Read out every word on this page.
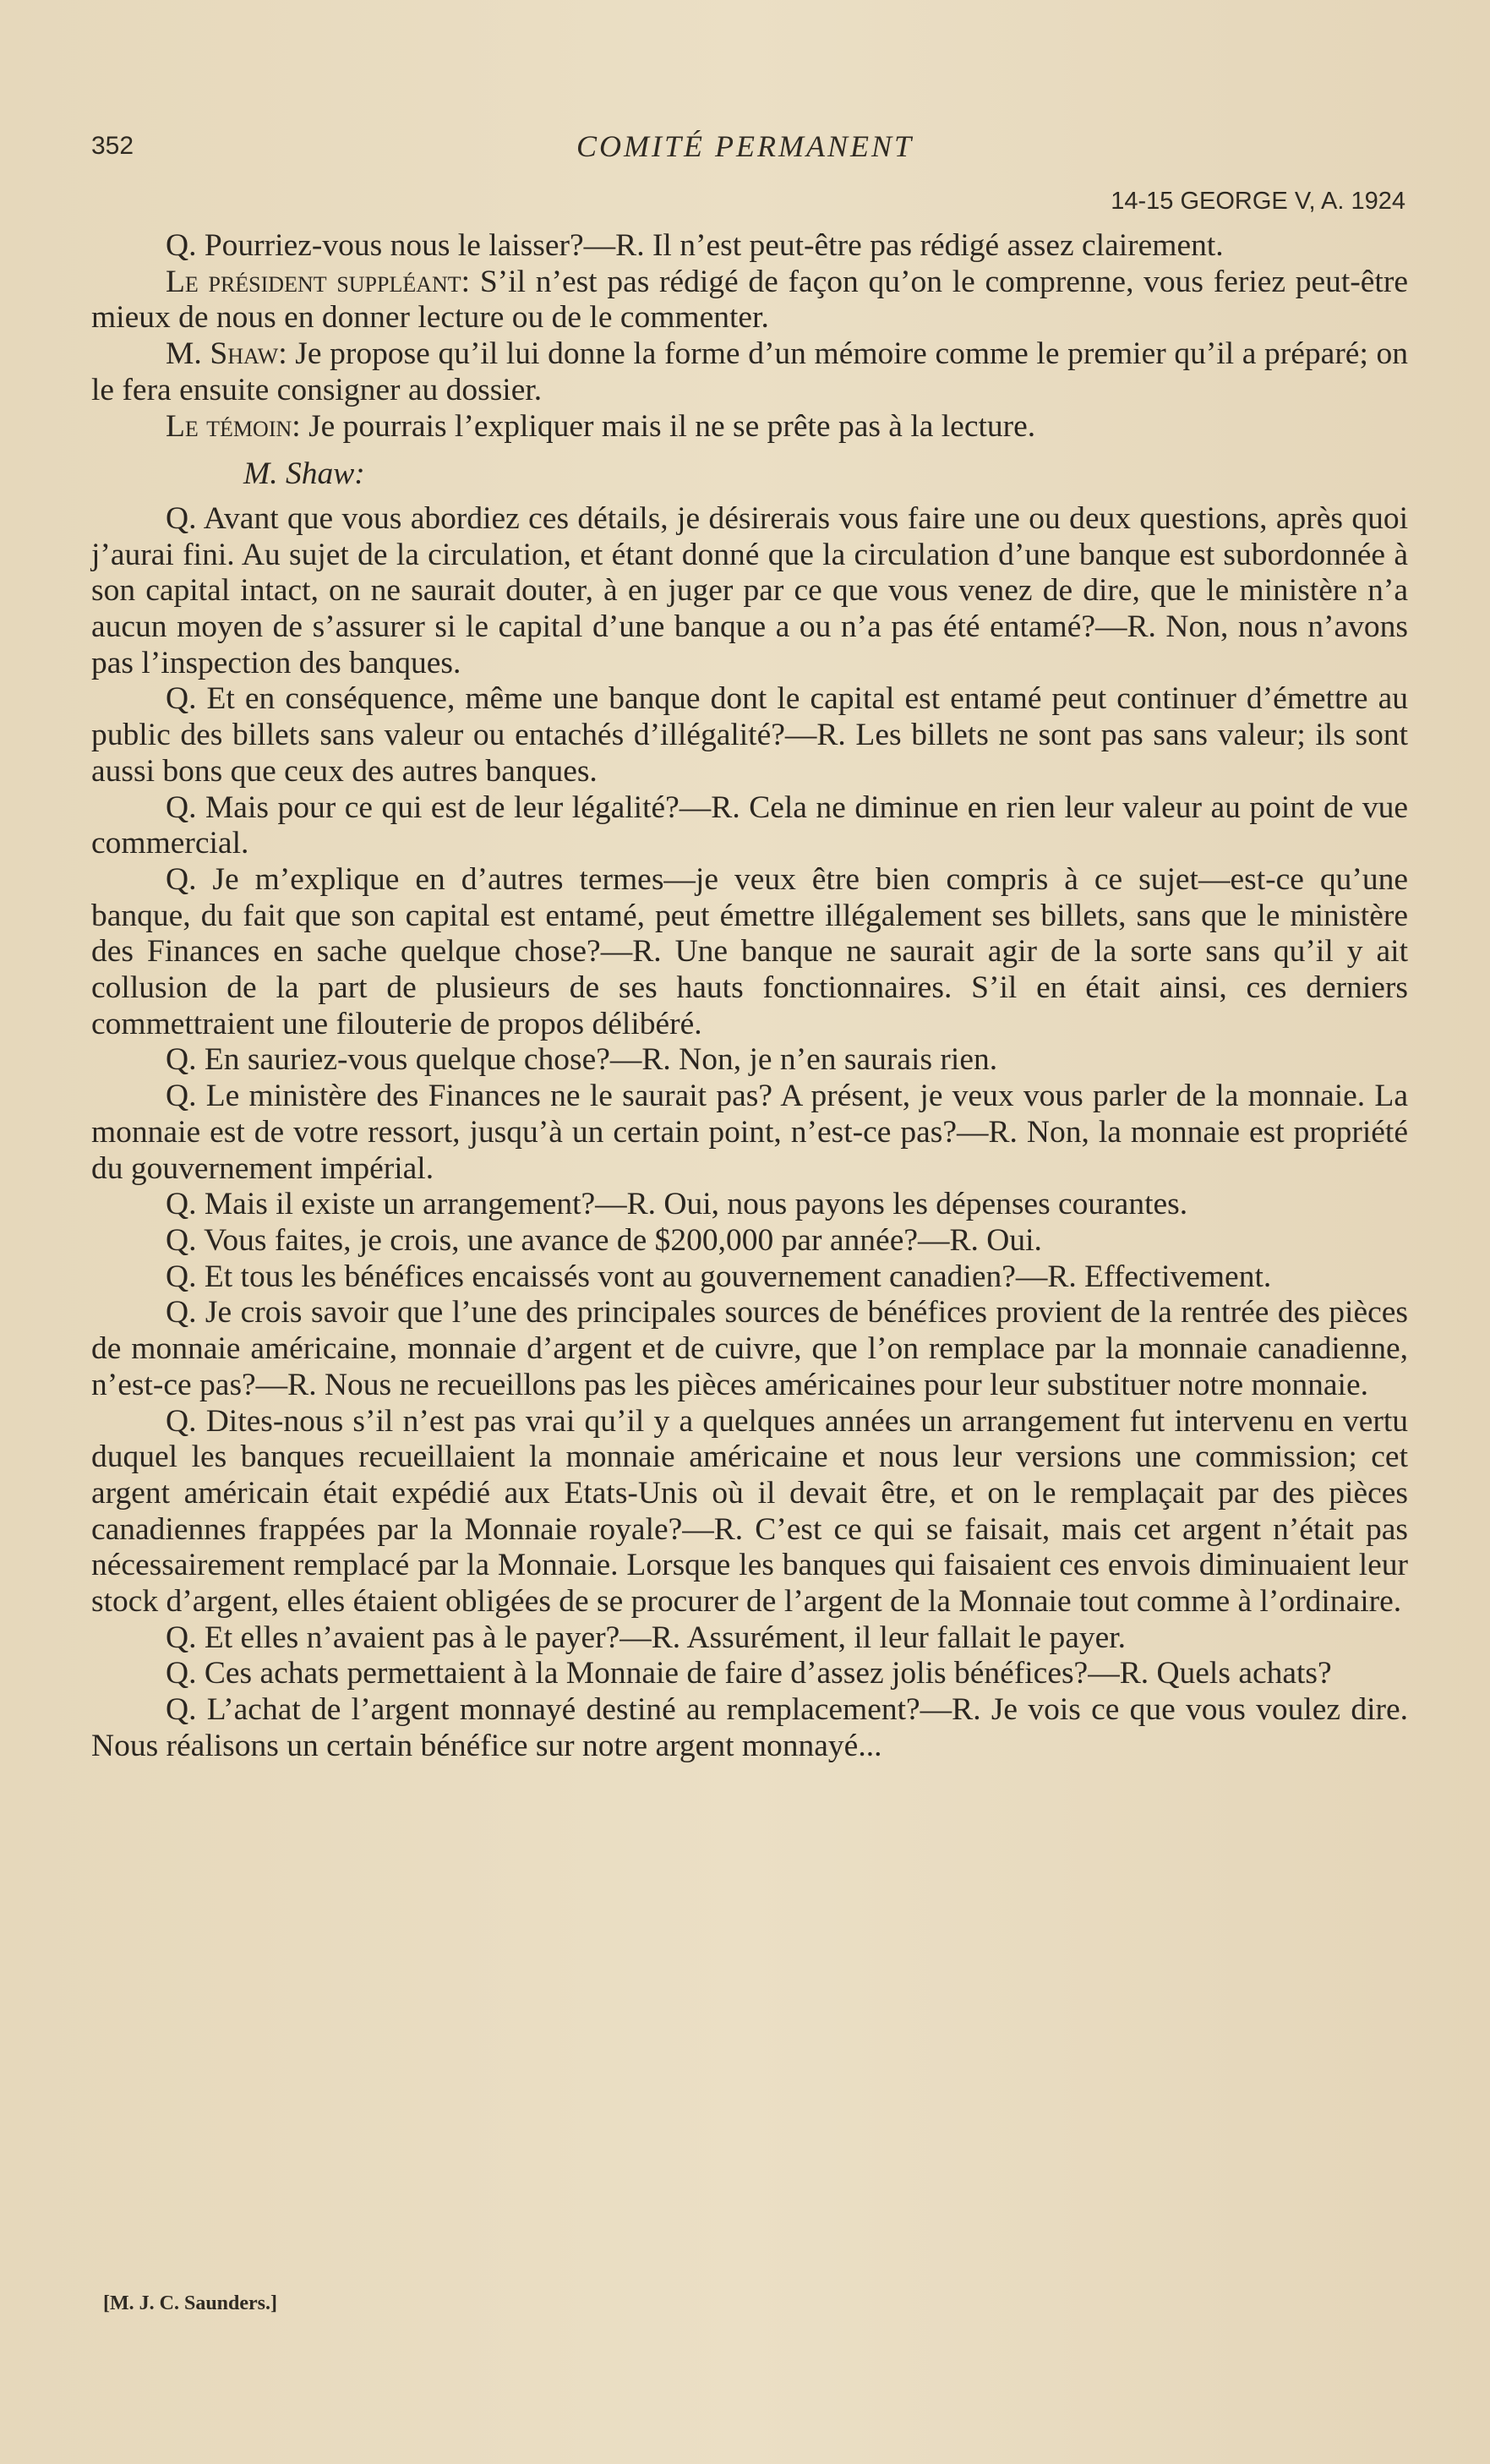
352	COMITÉ PERMANENT
14-15 GEORGE V, A. 1924

Q. Pourriez-vous nous le laisser?—R. Il n’est peut-être pas rédigé assez clairement.

Le président suppléant: S’il n’est pas rédigé de façon qu’on le comprenne, vous feriez peut-être mieux de nous en donner lecture ou de le commenter.

M. Shaw: Je propose qu’il lui donne la forme d’un mémoire comme le premier qu’il a préparé; on le fera ensuite consigner au dossier.

Le témoin: Je pourrais l’expliquer mais il ne se prête pas à la lecture.

M. Shaw:

Q. Avant que vous abordiez ces détails, je désirerais vous faire une ou deux questions, après quoi j’aurai fini. Au sujet de la circulation, et étant donné que la circulation d’une banque est subordonnée à son capital intact, on ne saurait douter, à en juger par ce que vous venez de dire, que le ministère n’a aucun moyen de s’assurer si le capital d’une banque a ou n’a pas été entamé?—R. Non, nous n’avons pas l’inspection des banques.

Q. Et en conséquence, même une banque dont le capital est entamé peut continuer d’émettre au public des billets sans valeur ou entachés d’illégalité?—R. Les billets ne sont pas sans valeur; ils sont aussi bons que ceux des autres banques.

Q. Mais pour ce qui est de leur légalité?—R. Cela ne diminue en rien leur valeur au point de vue commercial.

Q. Je m’explique en d’autres termes—je veux être bien compris à ce sujet—est-ce qu’une banque, du fait que son capital est entamé, peut émettre illégalement ses billets, sans que le ministère des Finances en sache quelque chose?—R. Une banque ne saurait agir de la sorte sans qu’il y ait collusion de la part de plusieurs de ses hauts fonctionnaires. S’il en était ainsi, ces derniers commettraient une filouterie de propos délibéré.

Q. En sauriez-vous quelque chose?—R. Non, je n’en saurais rien.

Q. Le ministère des Finances ne le saurait pas? A présent, je veux vous parler de la monnaie. La monnaie est de votre ressort, jusqu’à un certain point, n’est-ce pas?—R. Non, la monnaie est propriété du gouvernement impérial.

Q. Mais il existe un arrangement?—R. Oui, nous payons les dépenses courantes.

Q. Vous faites, je crois, une avance de $200,000 par année?—R. Oui.

Q. Et tous les bénéfices encaissés vont au gouvernement canadien?—R. Effectivement.

Q. Je crois savoir que l’une des principales sources de bénéfices provient de la rentrée des pièces de monnaie américaine, monnaie d’argent et de cuivre, que l’on remplace par la monnaie canadienne, n’est-ce pas?—R. Nous ne recueillons pas les pièces américaines pour leur substituer notre monnaie.

Q. Dites-nous s’il n’est pas vrai qu’il y a quelques années un arrangement fut intervenu en vertu duquel les banques recueillaient la monnaie américaine et nous leur versions une commission; cet argent américain était expédié aux Etats-Unis où il devait être, et on le remplaçait par des pièces canadiennes frappées par la Monnaie royale?—R. C’est ce qui se faisait, mais cet argent n’était pas nécessairement remplacé par la Monnaie. Lorsque les banques qui faisaient ces envois diminuaient leur stock d’argent, elles étaient obligées de se procurer de l’argent de la Monnaie tout comme à l’ordinaire.

Q. Et elles n’avaient pas à le payer?—R. Assurément, il leur fallait le payer.

Q. Ces achats permettaient à la Monnaie de faire d’assez jolis bénéfices?—R. Quels achats?

Q. L’achat de l’argent monnayé destiné au remplacement?—R. Je vois ce que vous voulez dire. Nous réalisons un certain bénéfice sur notre argent monnayé...

[M. J. C. Saunders.]
